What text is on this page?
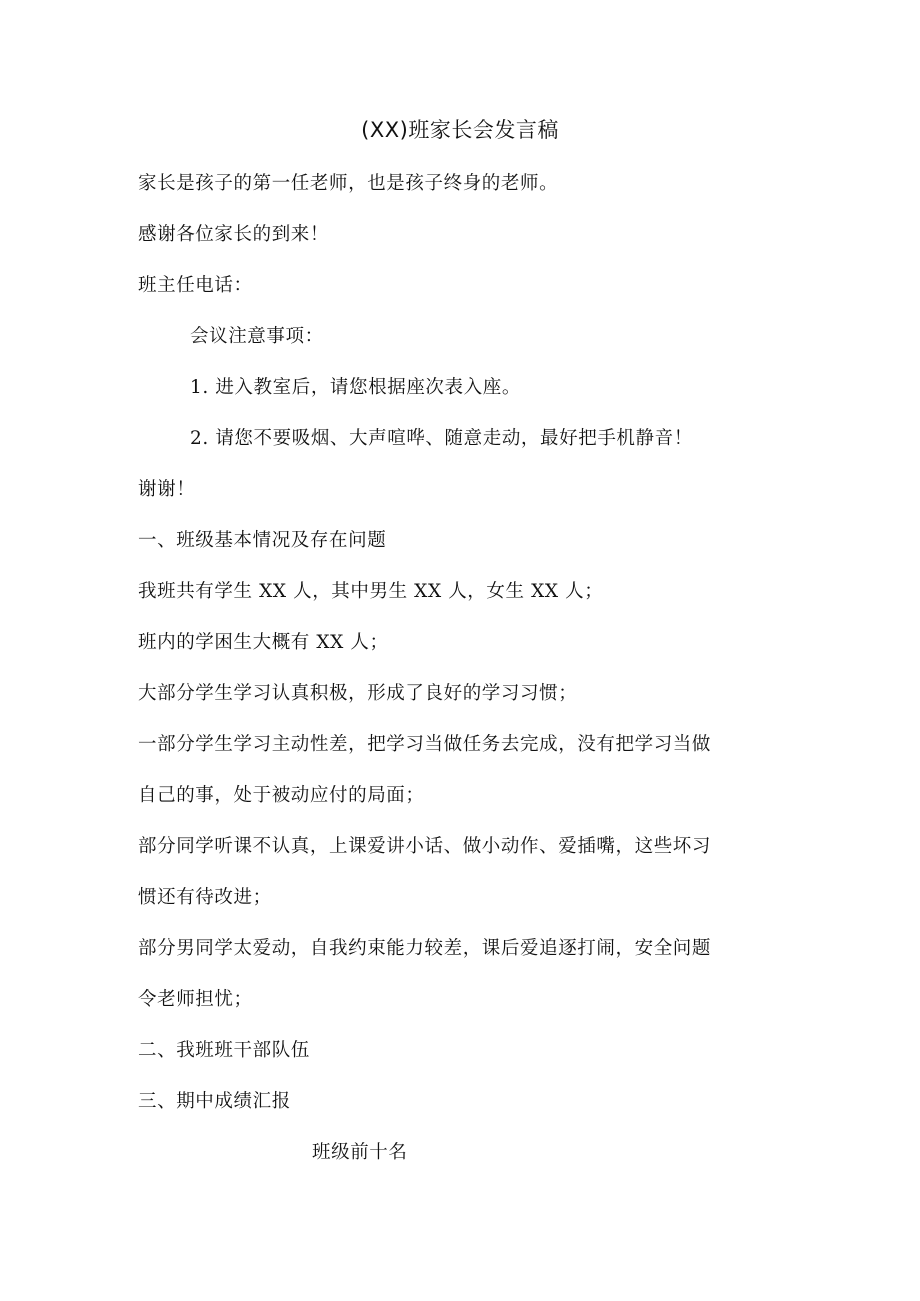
(XX)班家长会发言稿
家长是孩子的第一任老师，也是孩子终身的老师。
感谢各位家长的到来！
班主任电话：
会议注意事项：
1. 进入教室后，请您根据座次表入座。
2. 请您不要吸烟、大声喧哗、随意走动，最好把手机静音！
谢谢！
一、班级基本情况及存在问题
我班共有学生 XX 人，其中男生 XX 人，女生 XX 人；
班内的学困生大概有 XX 人；
大部分学生学习认真积极，形成了良好的学习习惯；
一部分学生学习主动性差，把学习当做任务去完成，没有把学习当做
自己的事，处于被动应付的局面；
部分同学听课不认真，上课爱讲小话、做小动作、爱插嘴，这些坏习
惯还有待改进；
部分男同学太爱动，自我约束能力较差，课后爱追逐打闹，安全问题
令老师担忧；
二、我班班干部队伍
三、期中成绩汇报
班级前十名
